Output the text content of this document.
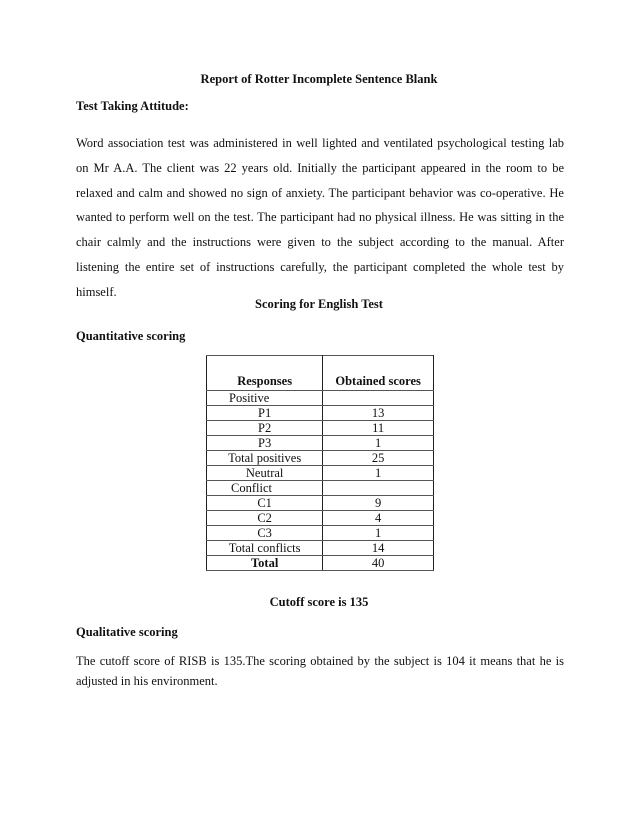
Report of Rotter Incomplete Sentence Blank
Test Taking Attitude:
Word association test was administered in well lighted and ventilated psychological testing lab
on Mr A.A. The client was 22 years old. Initially the participant appeared in the room to be
relaxed and calm and showed no sign of anxiety. The participant behavior was co-operative. He
wanted to perform well on the test. The participant had no physical illness. He was sitting in the
chair calmly and the instructions were given to the subject according to the manual. After
listening the entire set of instructions carefully, the participant completed the whole test by
himself.
Scoring for English Test
Quantitative scoring
Responses	Obtained scores
Positive	
P1	13
P2	11
P3	1
Total positives	25
Neutral	1
Conflict	
C1	9
C2	4
C3	1
Total conflicts	14
Total	40
Cutoff score is 135
Qualitative scoring
The cutoff score of RISB is 135.The scoring obtained by the subject is 104 it means that he is
adjusted in his environment.
